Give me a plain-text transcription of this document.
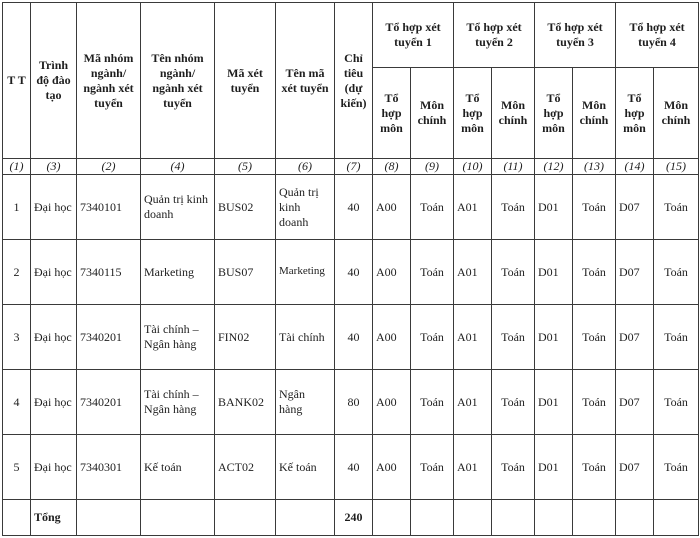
T T	Trình độ đào tạo	Mã nhóm ngành/ ngành xét tuyển	Tên nhóm ngành/ ngành xét tuyển	Mã xét tuyển	Tên mã xét tuyển	Chỉ tiêu (dự kiến)	Tổ hợp xét tuyển 1		Tổ hợp xét tuyển 2		Tổ hợp xét tuyển 3		Tổ hợp xét tuyển 4	
							Tổ hợp môn	Môn chính	Tổ hợp môn	Môn chính	Tổ hợp môn	Môn chính	Tổ hợp môn	Môn chính
(1)	(3)	(2)	(4)	(5)	(6)	(7)	(8)	(9)	(10)	(11)	(12)	(13)	(14)	(15)
1	Đại học	7340101	Quản trị kinh doanh	BUS02	Quản trị kinh doanh	40	A00	Toán	A01	Toán	D01	Toán	D07	Toán
2	Đại học	7340115	Marketing	BUS07	Marketing	40	A00	Toán	A01	Toán	D01	Toán	D07	Toán
3	Đại học	7340201	Tài chính – Ngân hàng	FIN02	Tài chính	40	A00	Toán	A01	Toán	D01	Toán	D07	Toán
4	Đại học	7340201	Tài chính – Ngân hàng	BANK02	Ngân hàng	80	A00	Toán	A01	Toán	D01	Toán	D07	Toán
5	Đại học	7340301	Kế toán	ACT02	Kế toán	40	A00	Toán	A01	Toán	D01	Toán	D07	Toán
	Tổng					240								
